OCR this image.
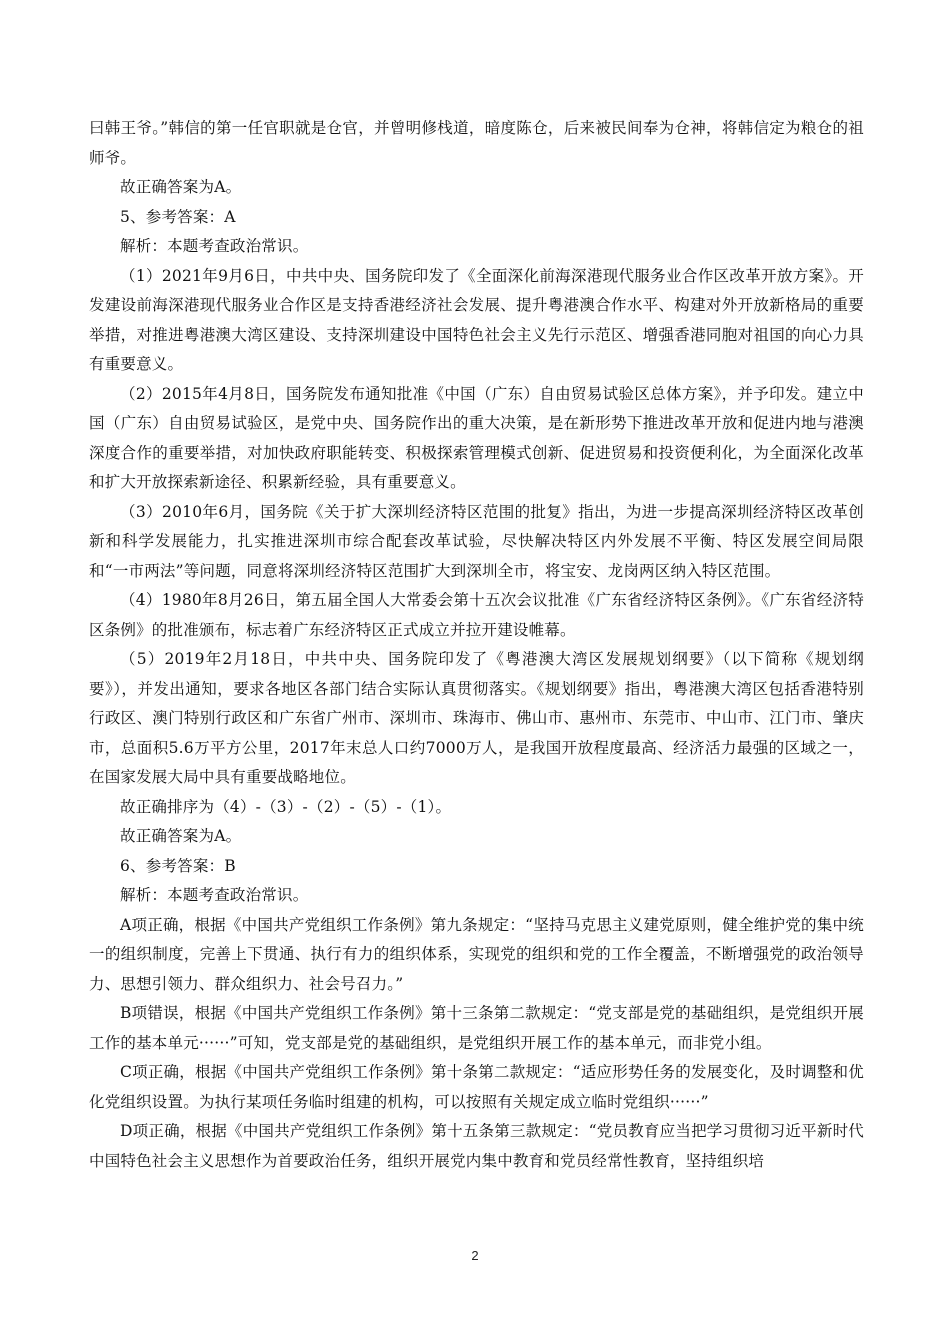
曰韩王爷。”韩信的第一任官职就是仓官，并曾明修栈道，暗度陈仓，后来被民间奉为仓神，将韩信定为粮仓的祖师爷。

故正确答案为A。

5、参考答案：A

解析：本题考查政治常识。

（1）2021年9月6日，中共中央、国务院印发了《全面深化前海深港现代服务业合作区改革开放方案》。开发建设前海深港现代服务业合作区是支持香港经济社会发展、提升粤港澳合作水平、构建对外开放新格局的重要举措，对推进粤港澳大湾区建设、支持深圳建设中国特色社会主义先行示范区、增强香港同胞对祖国的向心力具有重要意义。

（2）2015年4月8日，国务院发布通知批准《中国（广东）自由贸易试验区总体方案》，并予印发。建立中国（广东）自由贸易试验区，是党中央、国务院作出的重大决策，是在新形势下推进改革开放和促进内地与港澳深度合作的重要举措，对加快政府职能转变、积极探索管理模式创新、促进贸易和投资便利化，为全面深化改革和扩大开放探索新途径、积累新经验，具有重要意义。

（3）2010年6月，国务院《关于扩大深圳经济特区范围的批复》指出，为进一步提高深圳经济特区改革创新和科学发展能力，扎实推进深圳市综合配套改革试验，尽快解决特区内外发展不平衡、特区发展空间局限和“一市两法”等问题，同意将深圳经济特区范围扩大到深圳全市，将宝安、龙岗两区纳入特区范围。

（4）1980年8月26日，第五届全国人大常委会第十五次会议批准《广东省经济特区条例》。《广东省经济特区条例》的批准颁布，标志着广东经济特区正式成立并拉开建设帷幕。

（5）2019年2月18日，中共中央、国务院印发了《粤港澳大湾区发展规划纲要》（以下简称《规划纲要》），并发出通知，要求各地区各部门结合实际认真贯彻落实。《规划纲要》指出，粤港澳大湾区包括香港特别行政区、澳门特别行政区和广东省广州市、深圳市、珠海市、佛山市、惠州市、东莞市、中山市、江门市、肇庆市，总面积5.6万平方公里，2017年末总人口约7000万人，是我国开放程度最高、经济活力最强的区域之一，在国家发展大局中具有重要战略地位。

故正确排序为（4）-（3）-（2）-（5）-（1）。

故正确答案为A。

6、参考答案：B

解析：本题考查政治常识。

A项正确，根据《中国共产党组织工作条例》第九条规定：“坚持马克思主义建党原则，健全维护党的集中统一的组织制度，完善上下贯通、执行有力的组织体系，实现党的组织和党的工作全覆盖，不断增强党的政治领导力、思想引领力、群众组织力、社会号召力。”

B项错误，根据《中国共产党组织工作条例》第十三条第二款规定：“党支部是党的基础组织，是党组织开展工作的基本单元······”可知，党支部是党的基础组织，是党组织开展工作的基本单元，而非党小组。

C项正确，根据《中国共产党组织工作条例》第十条第二款规定：“适应形势任务的发展变化，及时调整和优化党组织设置。为执行某项任务临时组建的机构，可以按照有关规定成立临时党组织······”

D项正确，根据《中国共产党组织工作条例》第十五条第三款规定：“党员教育应当把学习贯彻习近平新时代中国特色社会主义思想作为首要政治任务，组织开展党内集中教育和党员经常性教育，坚持组织培

2
